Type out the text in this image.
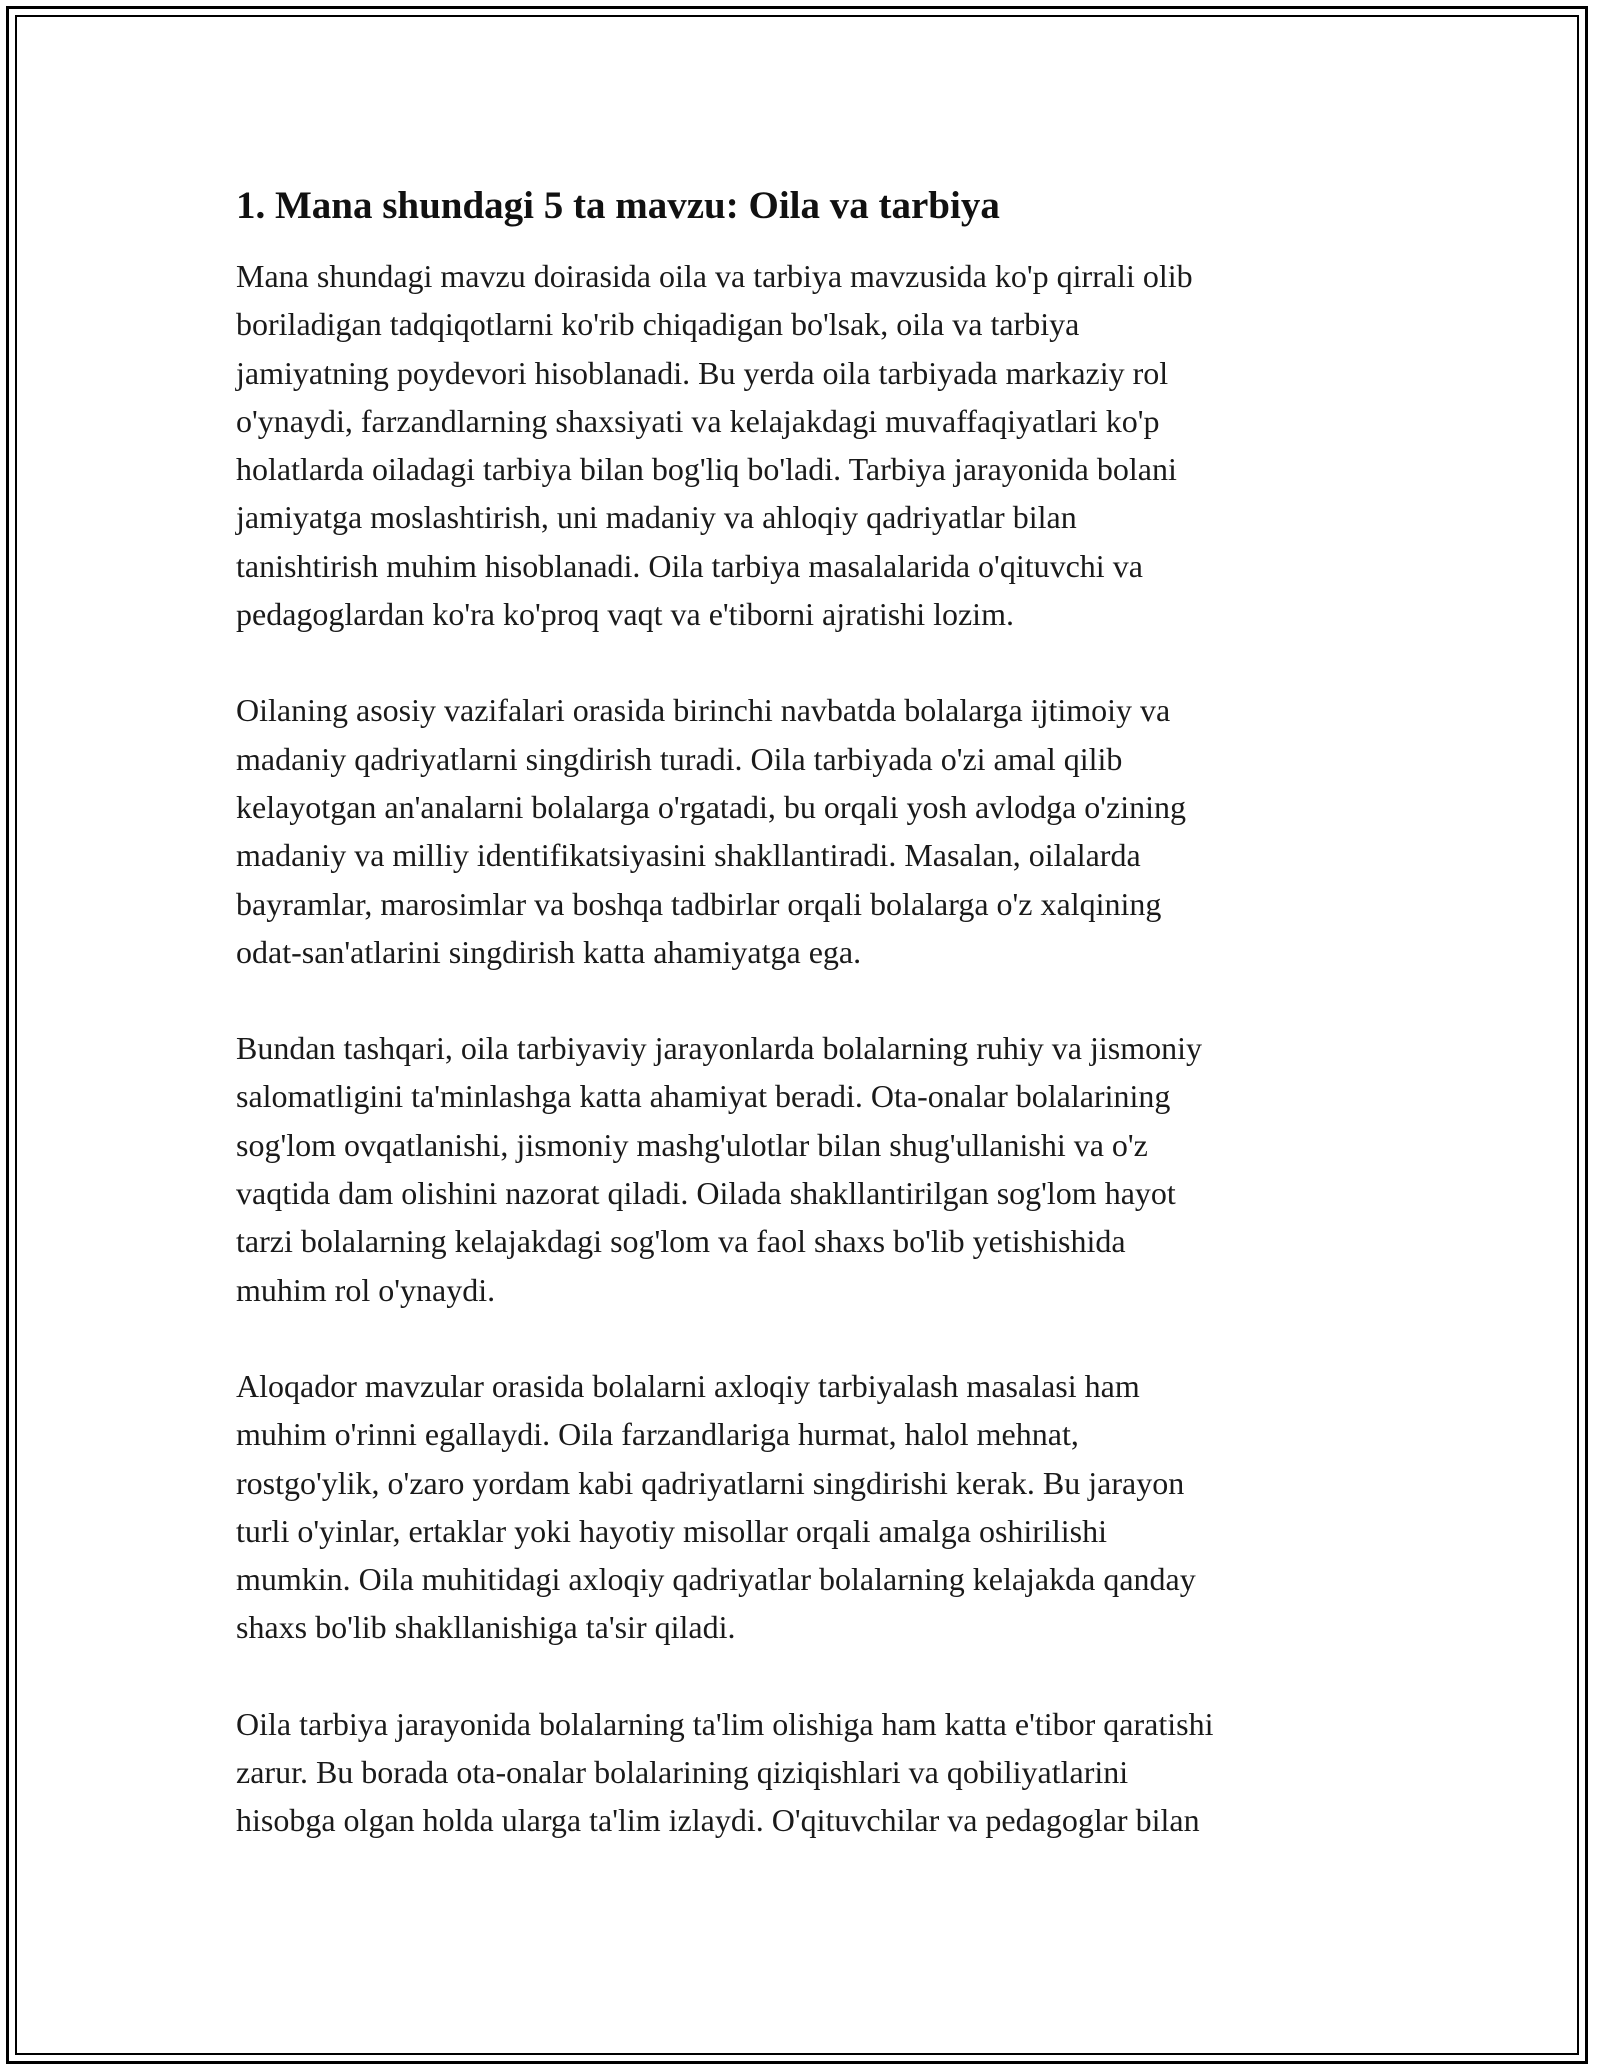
1. Mana shundagi 5 ta mavzu: Oila va tarbiya

Mana shundagi mavzu doirasida oila va tarbiya mavzusida ko'p qirrali olib
boriladigan tadqiqotlarni ko'rib chiqadigan bo'lsak, oila va tarbiya
jamiyatning poydevori hisoblanadi. Bu yerda oila tarbiyada markaziy rol
o'ynaydi, farzandlarning shaxsiyati va kelajakdagi muvaffaqiyatlari ko'p
holatlarda oiladagi tarbiya bilan bog'liq bo'ladi. Tarbiya jarayonida bolani
jamiyatga moslashtirish, uni madaniy va ahloqiy qadriyatlar bilan
tanishtirish muhim hisoblanadi. Oila tarbiya masalalarida o'qituvchi va
pedagoglardan ko'ra ko'proq vaqt va e'tiborni ajratishi lozim.

Oilaning asosiy vazifalari orasida birinchi navbatda bolalarga ijtimoiy va
madaniy qadriyatlarni singdirish turadi. Oila tarbiyada o'zi amal qilib
kelayotgan an'analarni bolalarga o'rgatadi, bu orqali yosh avlodga o'zining
madaniy va milliy identifikatsiyasini shakllantiradi. Masalan, oilalarda
bayramlar, marosimlar va boshqa tadbirlar orqali bolalarga o'z xalqining
odat-san'atlarini singdirish katta ahamiyatga ega.

Bundan tashqari, oila tarbiyaviy jarayonlarda bolalarning ruhiy va jismoniy
salomatligini ta'minlashga katta ahamiyat beradi. Ota-onalar bolalarining
sog'lom ovqatlanishi, jismoniy mashg'ulotlar bilan shug'ullanishi va o'z
vaqtida dam olishini nazorat qiladi. Oilada shakllantirilgan sog'lom hayot
tarzi bolalarning kelajakdagi sog'lom va faol shaxs bo'lib yetishishida
muhim rol o'ynaydi.

Aloqador mavzular orasida bolalarni axloqiy tarbiyalash masalasi ham
muhim o'rinni egallaydi. Oila farzandlariga hurmat, halol mehnat,
rostgo'ylik, o'zaro yordam kabi qadriyatlarni singdirishi kerak. Bu jarayon
turli o'yinlar, ertaklar yoki hayotiy misollar orqali amalga oshirilishi
mumkin. Oila muhitidagi axloqiy qadriyatlar bolalarning kelajakda qanday
shaxs bo'lib shakllanishiga ta'sir qiladi.

Oila tarbiya jarayonida bolalarning ta'lim olishiga ham katta e'tibor qaratishi
zarur. Bu borada ota-onalar bolalarining qiziqishlari va qobiliyatlarini
hisobga olgan holda ularga ta'lim izlaydi. O'qituvchilar va pedagoglar bilan
